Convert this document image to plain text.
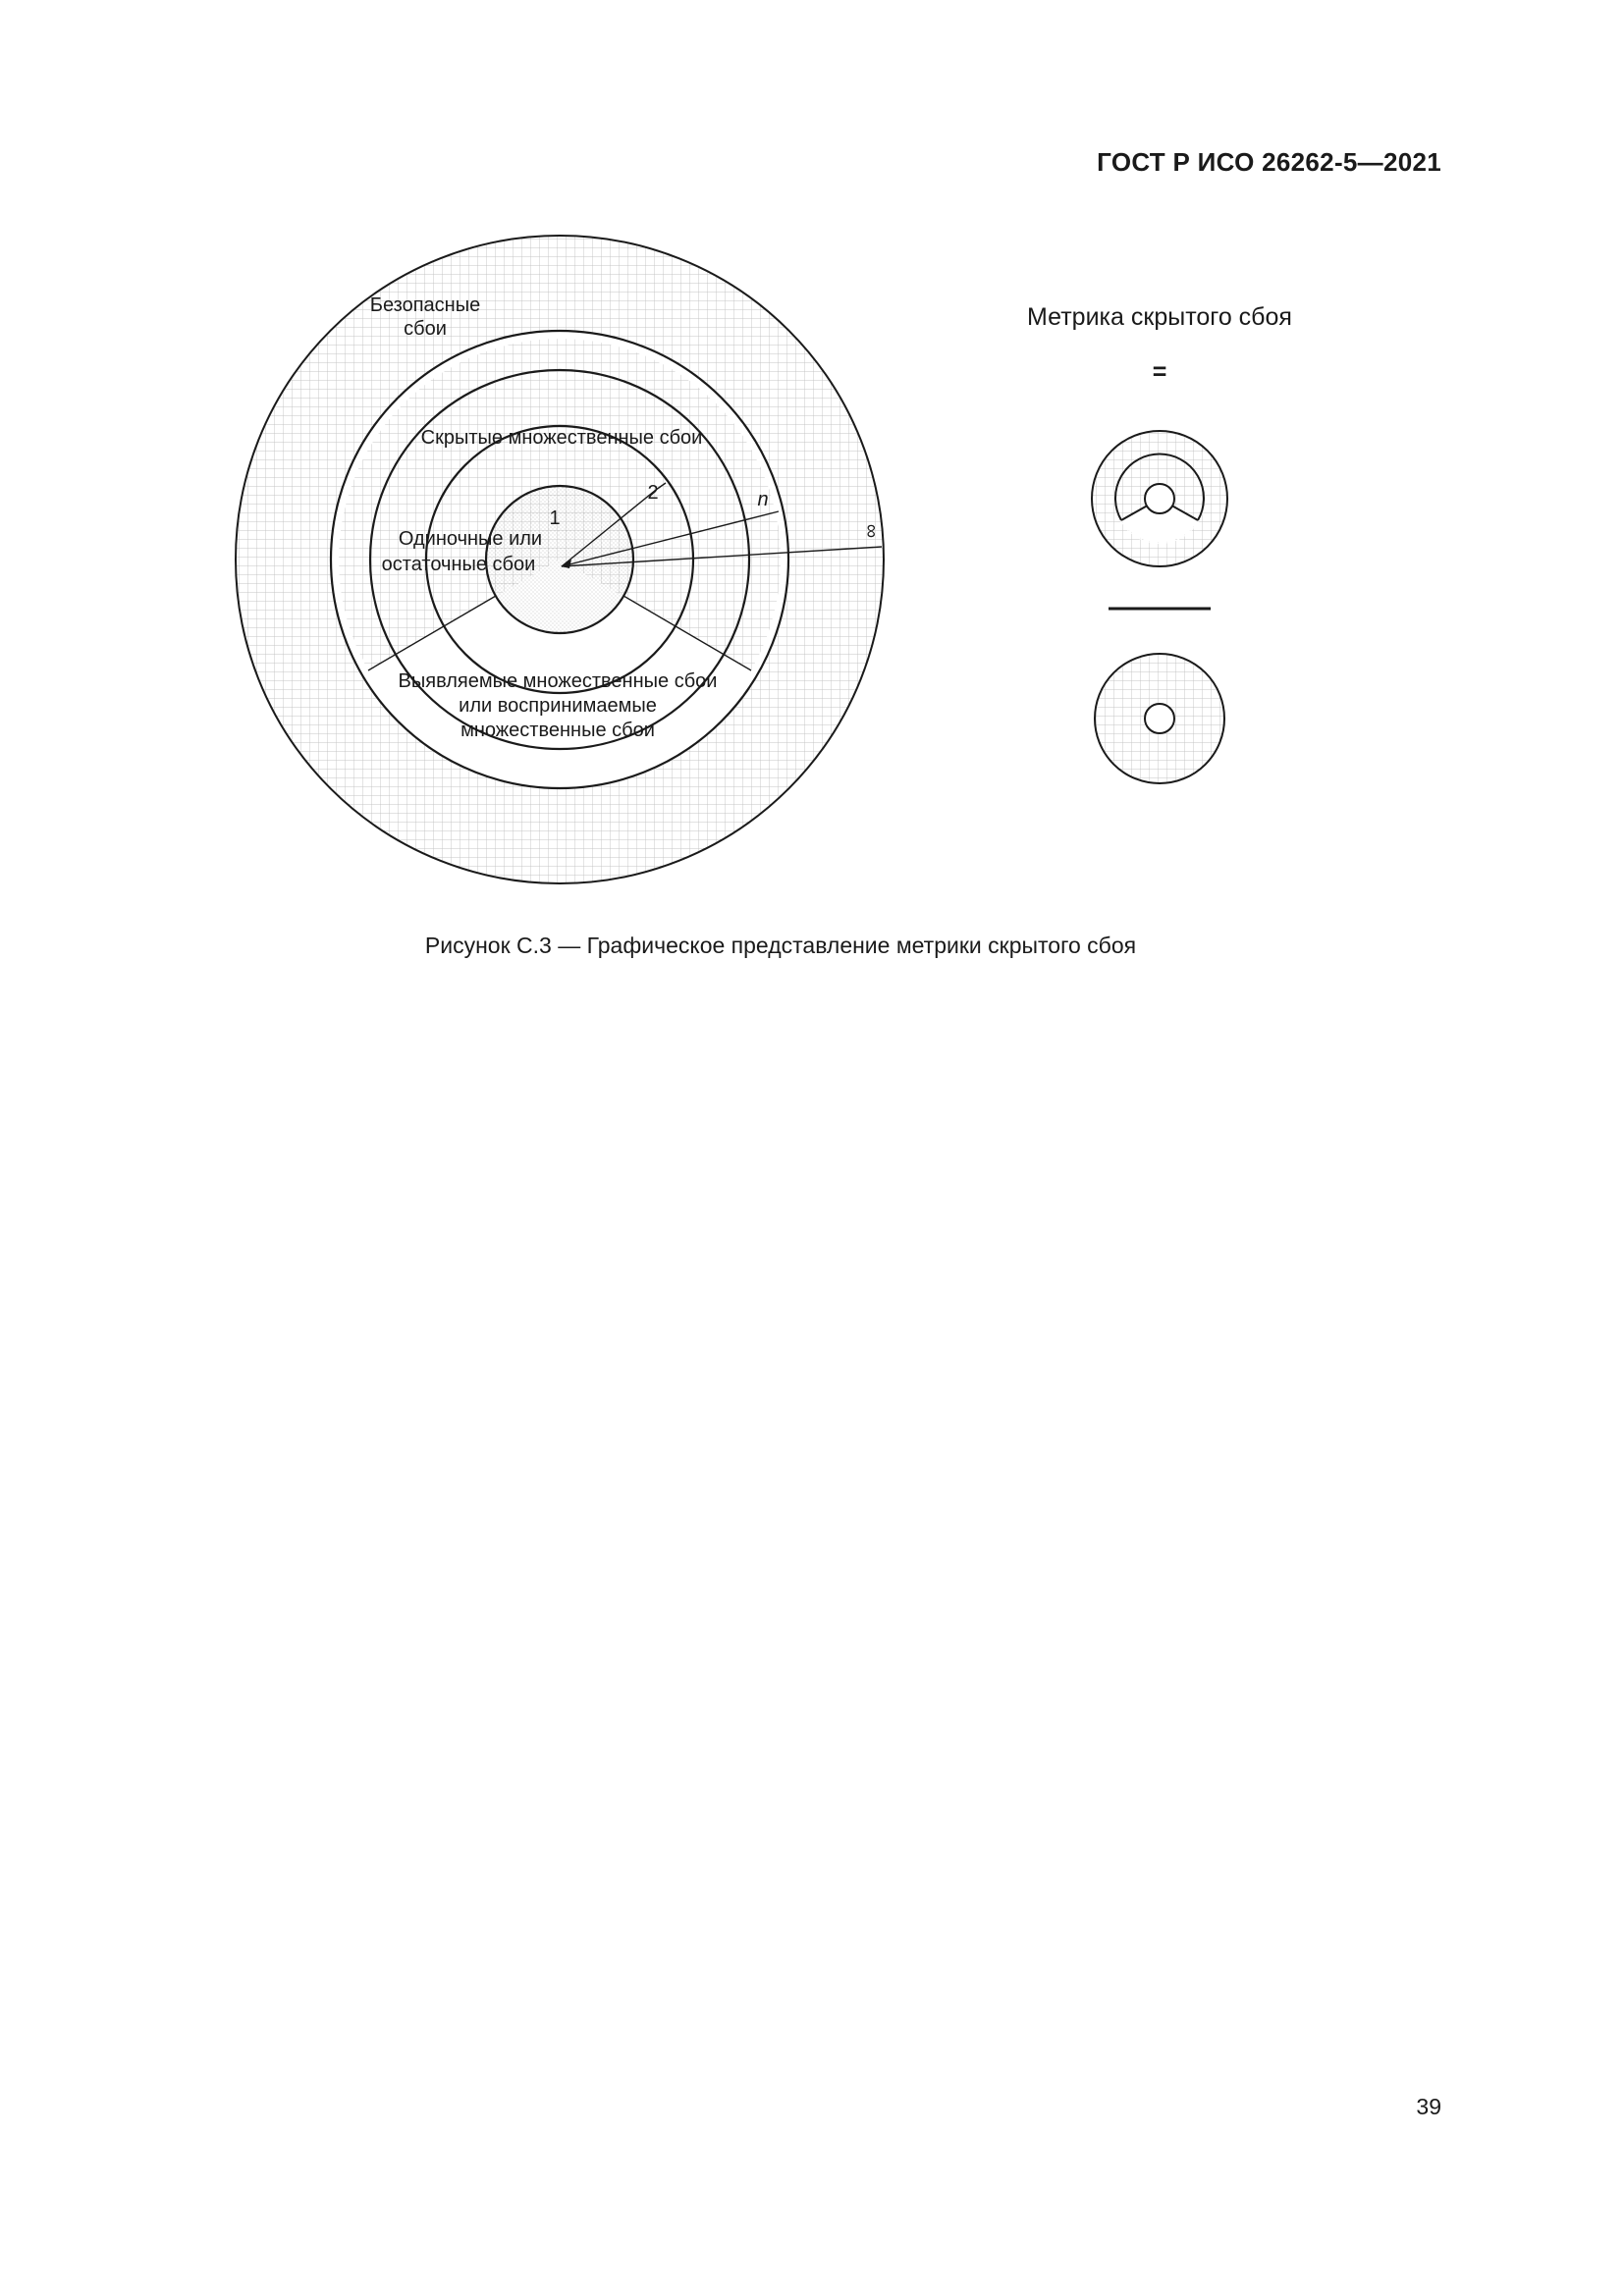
ГОСТ Р ИСО 26262-5—2021
Безопасные
сбои
Скрытые множественные сбои
1
2	n
∞
Одиночные или
остаточные сбои
Выявляемые множественные сбои
или воспринимаемые
множественные сбои
Метрика скрытого сбоя
=
Рисунок С.3 — Графическое представление метрики скрытого сбоя
39
